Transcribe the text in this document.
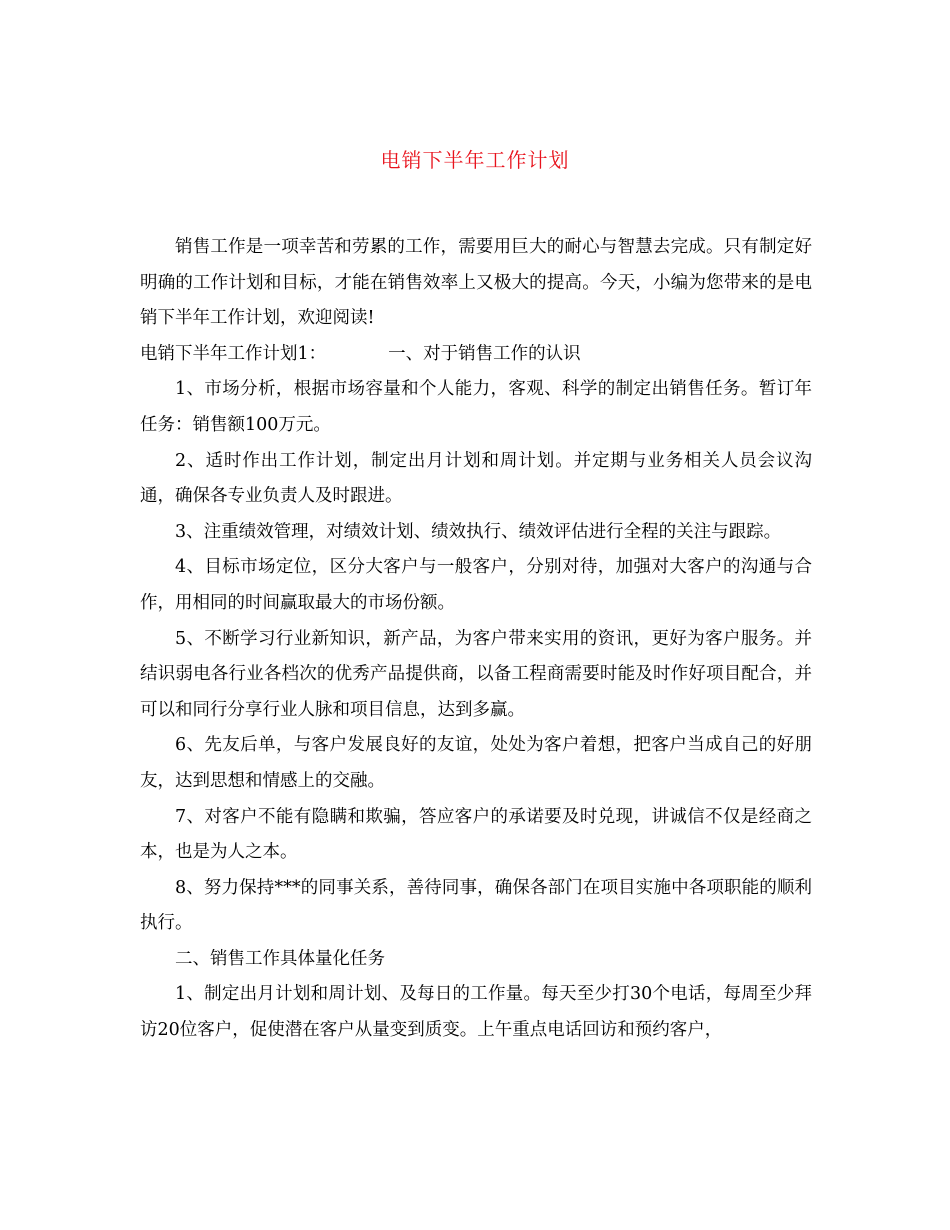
电销下半年工作计划

销售工作是一项幸苦和劳累的工作，需要用巨大的耐心与智慧去完成。只有制定好明确的工作计划和目标，才能在销售效率上又极大的提高。今天，小编为您带来的是电销下半年工作计划，欢迎阅读!

电销下半年工作计划1：	一、对于销售工作的认识

1、市场分析，根据市场容量和个人能力，客观、科学的制定出销售任务。暂订年任务：销售额100万元。

2、适时作出工作计划，制定出月计划和周计划。并定期与业务相关人员会议沟通，确保各专业负责人及时跟进。

3、注重绩效管理，对绩效计划、绩效执行、绩效评估进行全程的关注与跟踪。

4、目标市场定位，区分大客户与一般客户，分别对待，加强对大客户的沟通与合作，用相同的时间赢取最大的市场份额。

5、不断学习行业新知识，新产品，为客户带来实用的资讯，更好为客户服务。并结识弱电各行业各档次的优秀产品提供商，以备工程商需要时能及时作好项目配合，并可以和同行分享行业人脉和项目信息，达到多赢。

6、先友后单，与客户发展良好的友谊，处处为客户着想，把客户当成自己的好朋友，达到思想和情感上的交融。

7、对客户不能有隐瞒和欺骗，答应客户的承诺要及时兑现，讲诚信不仅是经商之本，也是为人之本。

8、努力保持***的同事关系，善待同事，确保各部门在项目实施中各项职能的顺利执行。

二、销售工作具体量化任务

1、制定出月计划和周计划、及每日的工作量。每天至少打30个电话，每周至少拜访20位客户，促使潜在客户从量变到质变。上午重点电话回访和预约客户，
